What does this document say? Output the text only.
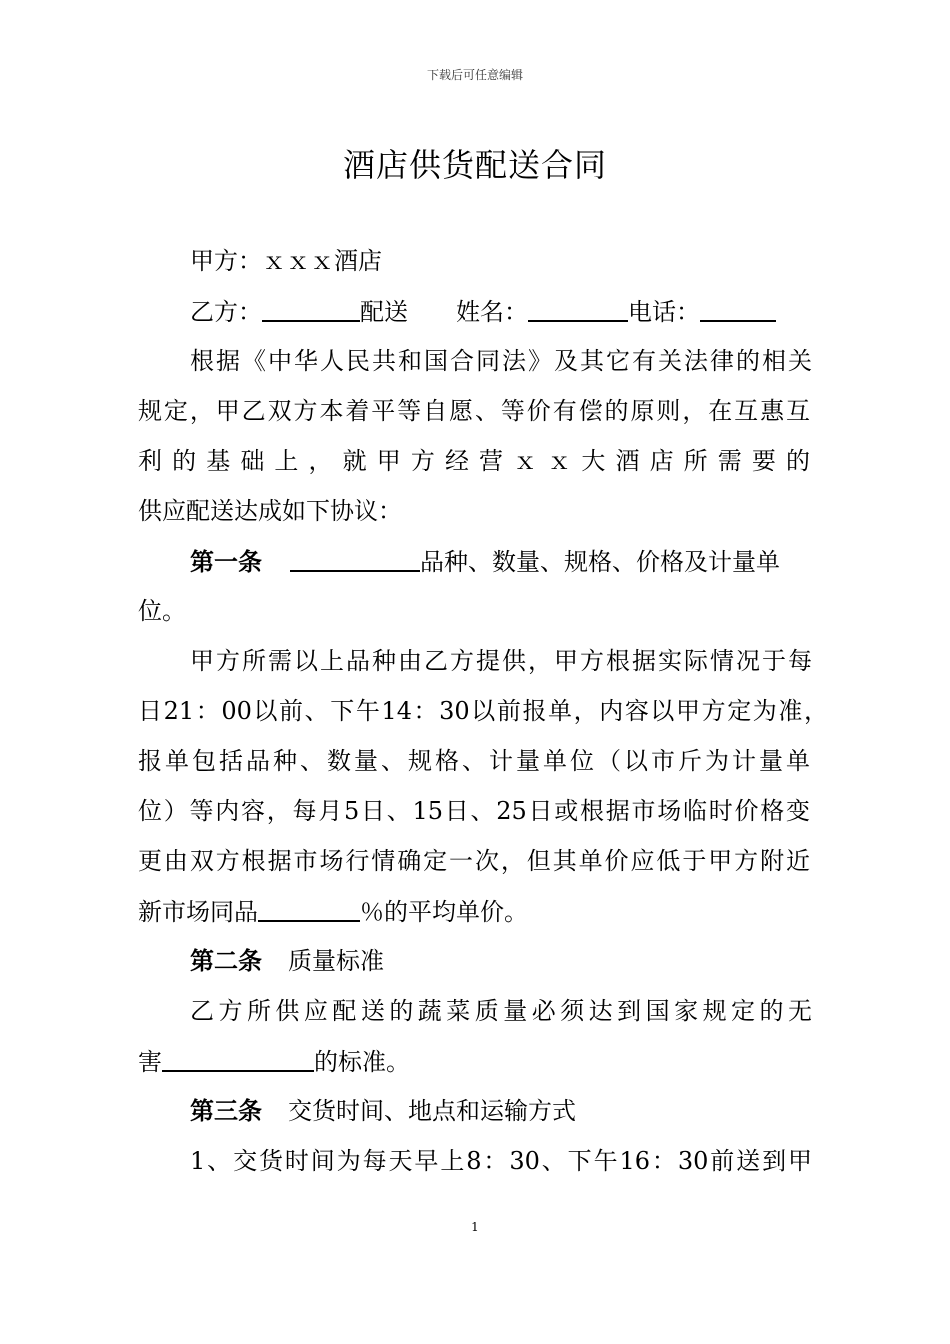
下载后可任意编辑
酒店供货配送合同
甲方：ｘｘｘ酒店
乙方：	配送 姓名：	电话：
根据《中华人民共和国合同法》及其它有关法律的相关
规定，甲乙双方本着平等自愿、等价有偿的原则，在互惠互
利的基础上，就甲方经营ｘｘ大酒店所需要的
供应配送达成如下协议：
第一条	品种、数量、规格、价格及计量单
位。
甲方所需以上品种由乙方提供，甲方根据实际情况于每
日21：00以前、下午14：30以前报单，内容以甲方定为准，
报单包括品种、数量、规格、计量单位（以市斤为计量单
位）等内容，每月5日、15日、25日或根据市场临时价格变
更由双方根据市场行情确定一次，但其单价应低于甲方附近
新市场同品	％的平均单价。
第二条 质量标准
乙方所供应配送的蔬菜质量必须达到国家规定的无
害	的标准。
第三条 交货时间、地点和运输方式
1、交货时间为每天早上8：30、下午16：30前送到甲
1
